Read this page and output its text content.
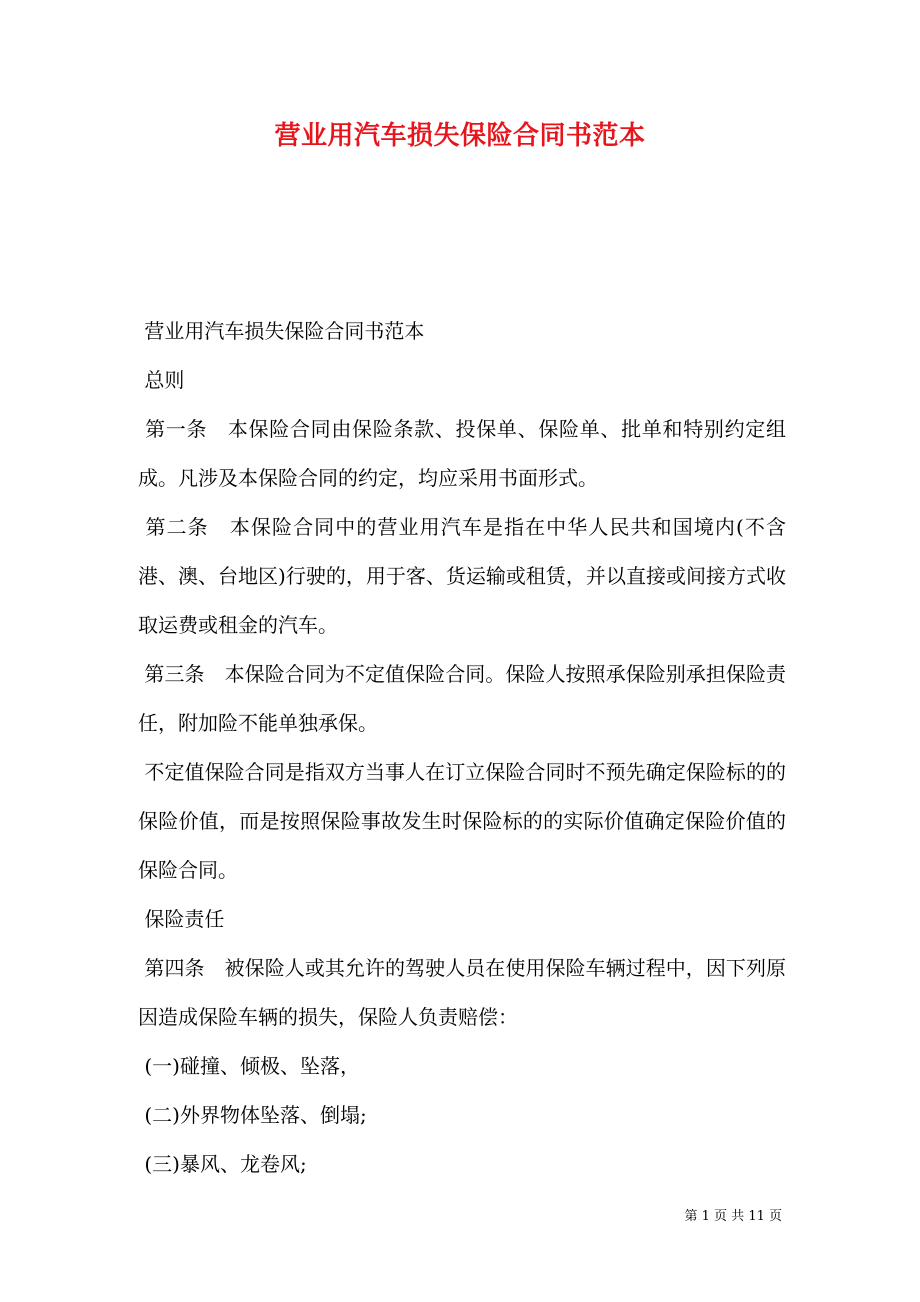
营业用汽车损失保险合同书范本

营业用汽车损失保险合同书范本

总则

第一条　本保险合同由保险条款、投保单、保险单、批单和特别约定组成。凡涉及本保险合同的约定，均应采用书面形式。

第二条　本保险合同中的营业用汽车是指在中华人民共和国境内(不含港、澳、台地区)行驶的，用于客、货运输或租赁，并以直接或间接方式收取运费或租金的汽车。

第三条　本保险合同为不定值保险合同。保险人按照承保险别承担保险责任，附加险不能单独承保。

不定值保险合同是指双方当事人在订立保险合同时不预先确定保险标的的保险价值，而是按照保险事故发生时保险标的的实际价值确定保险价值的保险合同。

保险责任

第四条　被保险人或其允许的驾驶人员在使用保险车辆过程中，因下列原因造成保险车辆的损失，保险人负责赔偿：

(一)碰撞、倾极、坠落，

(二)外界物体坠落、倒塌;

(三)暴风、龙卷风;

第 1 页 共 11 页
